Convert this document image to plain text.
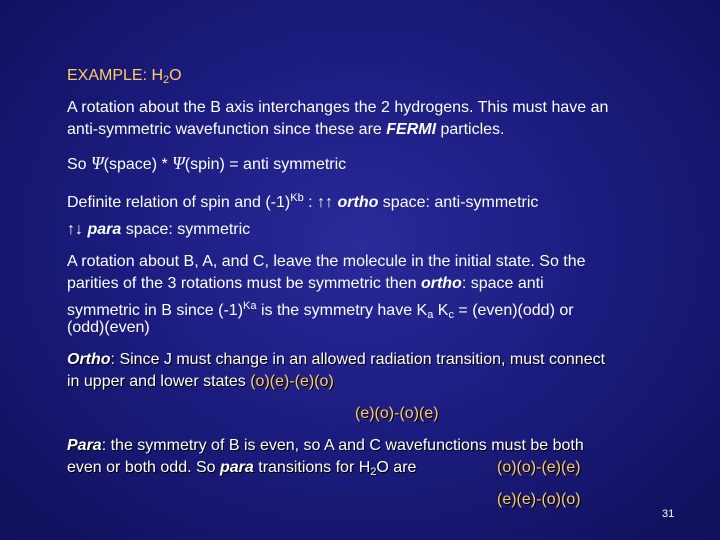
EXAMPLE: H2O
A rotation about the B axis interchanges the 2 hydrogens. This must have an
anti-symmetric wavefunction since these are FERMI particles.
So Ψ(space) * Ψ(spin) = anti symmetric
Definite relation of spin and $(-1)^{Kb}$ : ↑↑ ortho space: anti-symmetric
↑↓ para space: symmetric
A rotation about B, A, and C, leave the molecule in the initial state. So the
parities of the 3 rotations must be symmetric then ortho: space anti
symmetric in B since $(-1)^{Ka}$ is the symmetry have Ka Kc = (even)(odd) or
(odd)(even)
Ortho: Since J must change in an allowed radiation transition, must connect
in upper and lower states (o)(e)-(e)(o)
(e)(o)-(o)(e)
Para: the symmetry of B is even, so A and C wavefunctions must be both
even or both odd. So para transitions for H2O are	(o)(o)-(e)(e)
(e)(e)-(o)(o)
31
